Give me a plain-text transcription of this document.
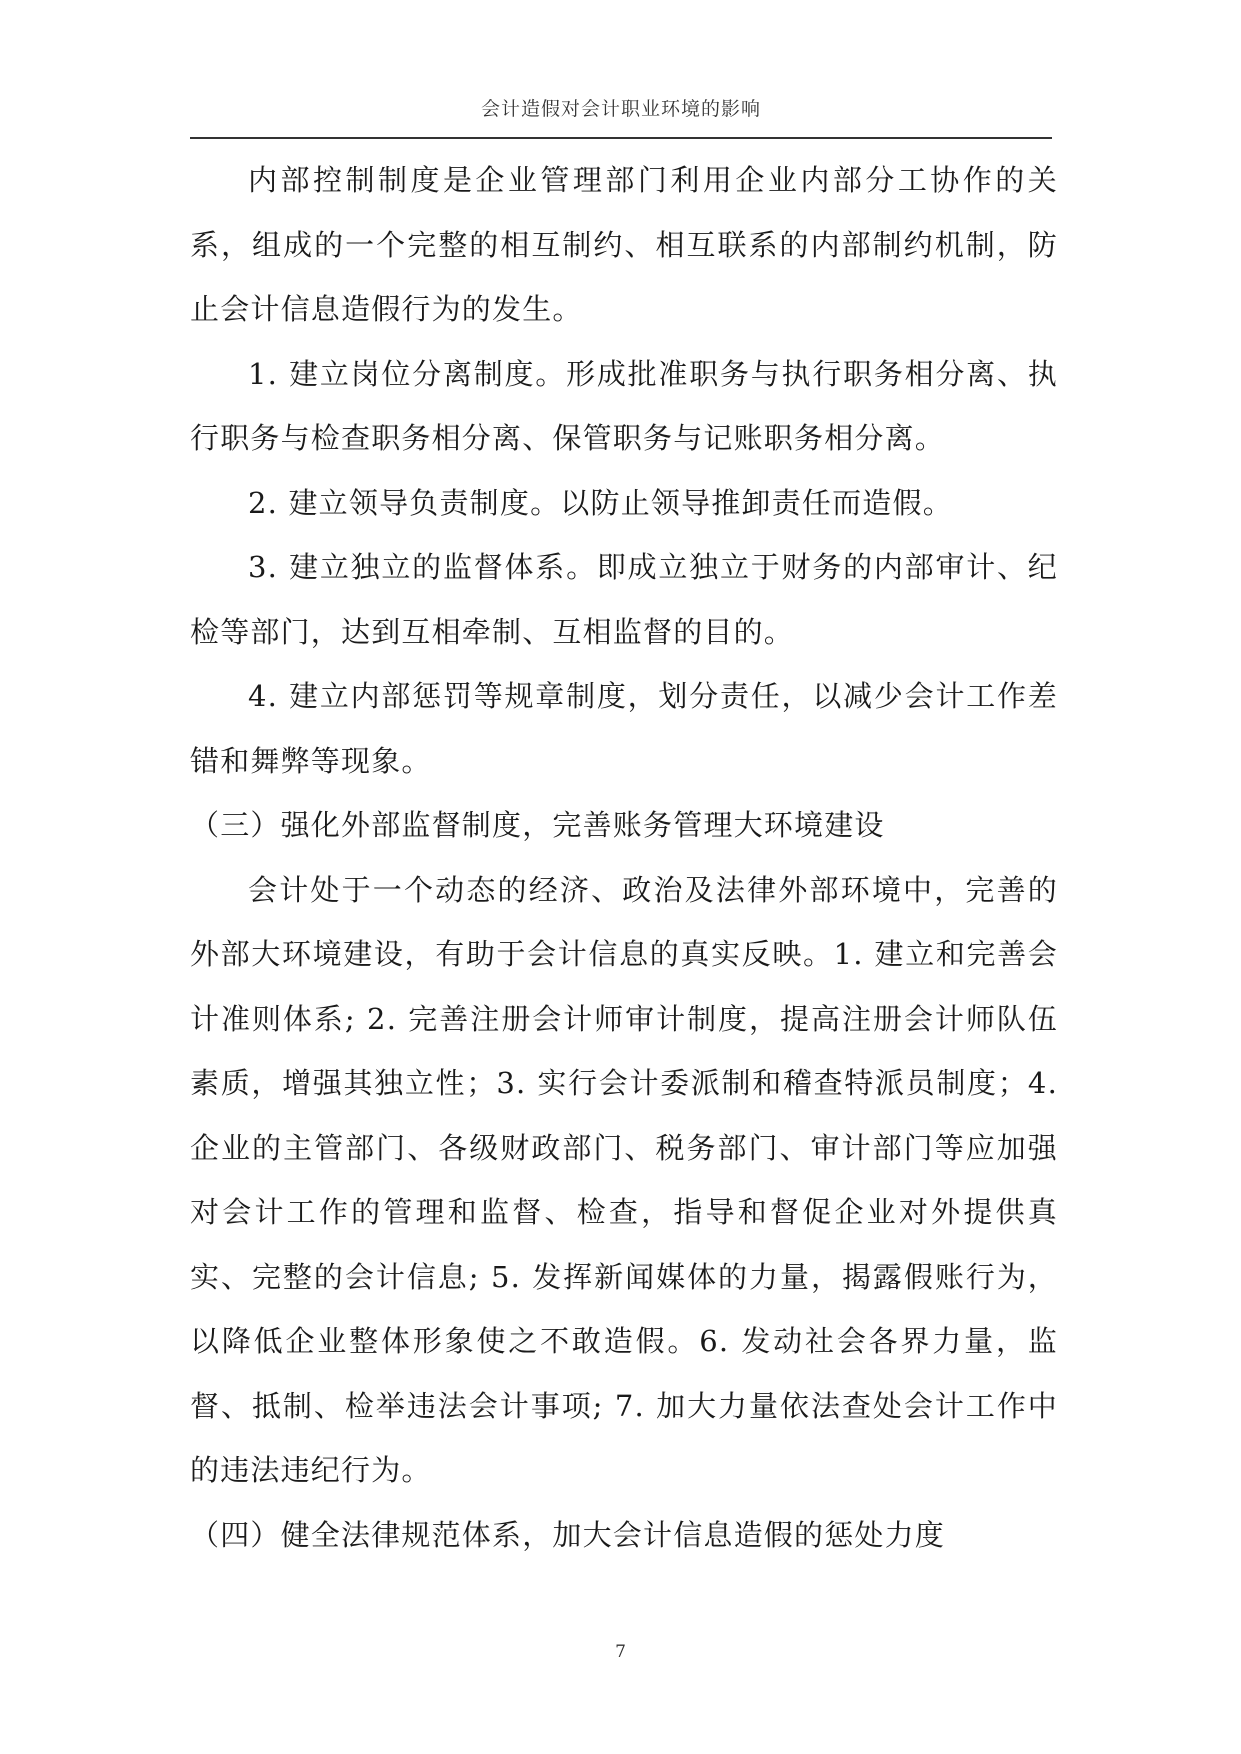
会计造假对会计职业环境的影响

内部控制制度是企业管理部门利用企业内部分工协作的关系，组成的一个完整的相互制约、相互联系的内部制约机制，防止会计信息造假行为的发生。

1. 建立岗位分离制度。形成批准职务与执行职务相分离、执行职务与检查职务相分离、保管职务与记账职务相分离。

2. 建立领导负责制度。以防止领导推卸责任而造假。

3. 建立独立的监督体系。即成立独立于财务的内部审计、纪检等部门，达到互相牵制、互相监督的目的。

4. 建立内部惩罚等规章制度，划分责任，以减少会计工作差错和舞弊等现象。

（三）强化外部监督制度，完善账务管理大环境建设

会计处于一个动态的经济、政治及法律外部环境中，完善的外部大环境建设，有助于会计信息的真实反映。1. 建立和完善会计准则体系; 2. 完善注册会计师审计制度，提高注册会计师队伍素质，增强其独立性；3. 实行会计委派制和稽查特派员制度；4. 企业的主管部门、各级财政部门、税务部门、审计部门等应加强对会计工作的管理和监督、检查，指导和督促企业对外提供真实、完整的会计信息; 5. 发挥新闻媒体的力量，揭露假账行为，以降低企业整体形象使之不敢造假。6. 发动社会各界力量，监督、抵制、检举违法会计事项; 7. 加大力量依法查处会计工作中的违法违纪行为。

（四）健全法律规范体系，加大会计信息造假的惩处力度

7
